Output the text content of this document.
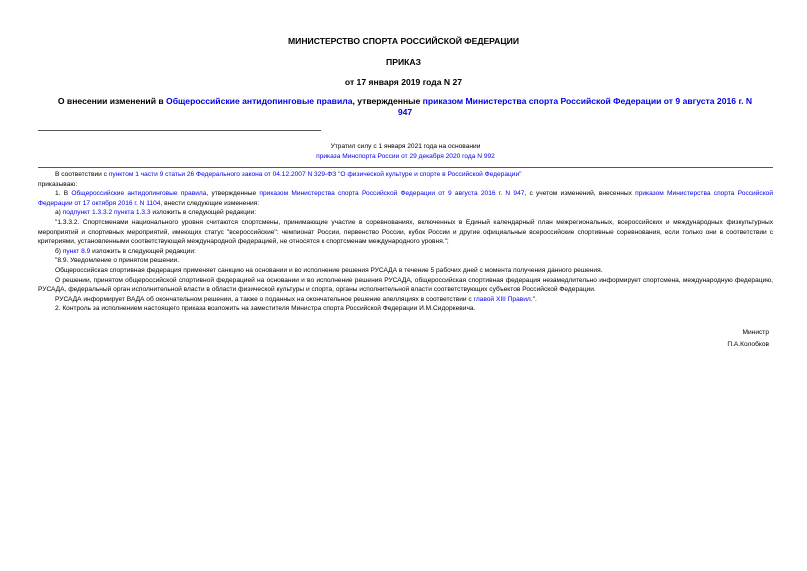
МИНИСТЕРСТВО СПОРТА РОССИЙСКОЙ ФЕДЕРАЦИИ
ПРИКАЗ
от 17 января 2019 года N 27
О внесении изменений в Общероссийские антидопинговые правила, утвержденные приказом Министерства спорта Российской Федерации от 9 августа 2016 г. N 947
Утратил силу с 1 января 2021 года на основании
приказа Минспорта России от 29 декабря 2020 года N 992

В соответствии с пунктом 1 части 9 статьи 26 Федерального закона от 04.12.2007 N 329-ФЗ "О физической культуре и спорте в Российской Федерации"

приказываю:

1. В Общероссийские антидопинговые правила, утвержденные приказом Министерства спорта Российской Федерации от 9 августа 2016 г. N 947, с учетом изменений, внесенных приказом Министерства спорта Российской Федерации от 17 октября 2016 г. N 1104, внести следующие изменения:

а) подпункт 1.3.3.2 пункта 1.3.3 изложить в следующей редакции:

"1.3.3.2. Спортсменами национального уровня считаются спортсмены, принимающие участие в соревнованиях, включенных в Единый календарный план межрегиональных, всероссийских и международных физкультурных мероприятий и спортивных мероприятий, имеющих статус "всероссийские": чемпионат России, первенство России, кубок России и другие официальные всероссийские спортивные соревнования, если только они в соответствии с критериями, установленными соответствующей международной федерацией, не относятся к спортсменам международного уровня.";

б) пункт 8.9 изложить в следующей редакции:

"8.9. Уведомление о принятом решении.

Общероссийская спортивная федерация применяет санкцию на основании и во исполнение решения РУСАДА в течение 5 рабочих дней с момента получения данного решения.

О решении, принятом общероссийской спортивной федерацией на основании и во исполнение решения РУСАДА, общероссийская спортивная федерация незамедлительно информирует спортсмена, международную федерацию, РУСАДА, федеральный орган исполнительной власти в области физической культуры и спорта, органы исполнительной власти соответствующих субъектов Российской Федерации.

РУСАДА информирует ВАДА об окончательном решении, а также о поданных на окончательное решение апелляциях в соответствии с главой XIII Правил.".

2. Контроль за исполнением настоящего приказа возложить на заместителя Министра спорта Российской Федерации И.М.Сидоркевича.

Министр
П.А.Колобков
